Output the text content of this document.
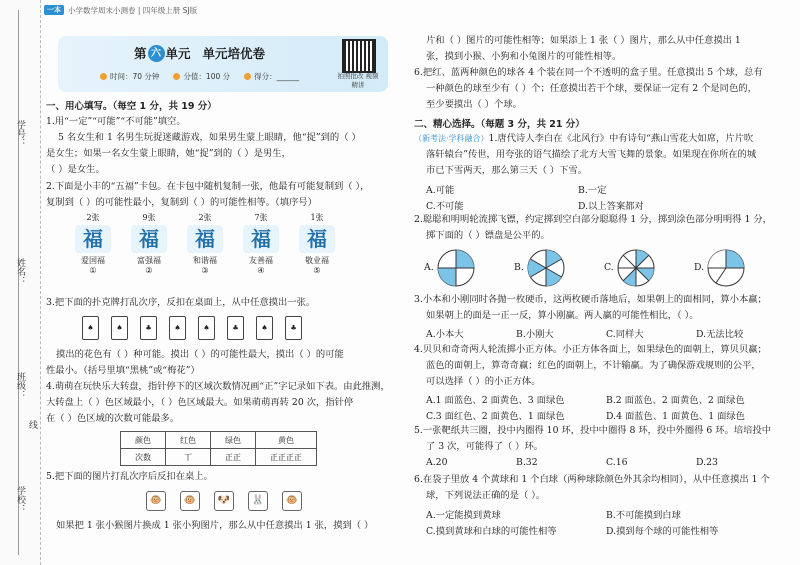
学号：
姓名：
班级：
学校：
线
一本 小学数学周末小测卷 | 四年级上册 SJ版
第 六 单元 单元培优卷
时间：70 分钟	分值：100 分	得分：______	拍照批改 视频精讲
一、用心填写。（每空 1 分，共 19 分）
1.用“一定”“可能”“不可能”填空。
5 名女生和 1 名男生玩捉迷藏游戏，如果男生蒙上眼睛，他“捉”到的（ ）
是女生；如果一名女生蒙上眼睛，她“捉”到的（ ）是男生，
（ ）是女生。
2.下面是小丰的“五福”卡包。在卡包中随机复制一张，他最有可能复制到（ ），
复制到（ ）的可能性最小，复制到（ ）的可能性相等。（填序号）
2张
福
爱国福
①
9张
福
富强福
②
2张
福
和谐福
③
7张
福
友善福
④
1张
福
敬业福
⑤
3.把下面的扑克牌打乱次序，反扣在桌面上，从中任意摸出一张。
♠	♠	♣	♠	♠	♣	♠	♣
摸出的花色有（ ）种可能。摸出（ ）的可能性最大，摸出（ ）的可能
性最小。（括号里填“黑桃”或“梅花”）
4.萌萌在玩快乐大转盘，指针停下的区域次数情况画“正”字记录如下表。由此推测，
大转盘上（ ）色区域最小，（ ）色区域最大。如果萌萌再转 20 次，指针停
在（ ）色区域的次数可能最多。
颜色	红色	绿色	黄色
次数	丅	正正	正正正正
5.把下面的图片打乱次序后反扣在桌上。
🐵	🐵	🐶	🐰	🐵
如果把 1 张小猴图片换成 1 张小狗图片，那么从中任意摸出 1 张，摸到（ ）
片和（ ）图片的可能性相等；如果添上 1 张（ ）图片，那么从中任意摸出 1
张，摸到小猴、小狗和小兔图片的可能性相等。
6.把红、蓝两种颜色的球各 4 个装在同一个不透明的盒子里。任意摸出 5 个球，总有
一种颜色的球至少有（ ）个；任意摸出若干个球，要保证一定有 2 个是同色的，
至少要摸出（ ）个球。
二、精心选择。（每题 3 分，共 21 分）
（新考法·学科融合）1.唐代诗人李白在《北风行》中有诗句“燕山雪花大如席，片片吹
落轩辕台”传世，用夸张的语气描绘了北方大雪飞舞的景象。如果现在你所在的城
市已下雪两天，那么第三天（ ）下雪。
A.可能	B.一定
C.不可能	D.以上答案都对
2.聪聪和明明轮流掷飞镖，约定掷到空白部分聪聪得 1 分，掷到涂色部分明明得 1 分，
掷下面的（ ）镖盘是公平的。
A.	B.	C.	D.
3.小本和小刚同时各抛一枚硬币，这两枚硬币落地后，如果朝上的面相同，算小本赢；
如果朝上的面是一正一反，算小刚赢。两人赢的可能性相比，（ ）。
A.小本大	B.小刚大	C.同样大	D.无法比较
4.贝贝和奇奇两人轮流掷小正方体。小正方体各面上，如果绿色的面朝上，算贝贝赢；
蓝色的面朝上，算奇奇赢；红色的面朝上，不计输赢。为了确保游戏规则的公平，
可以选择（ ）的小正方体。
A.1 面蓝色、2 面黄色、3 面绿色	B.2 面蓝色、2 面黄色、2 面绿色
C.3 面红色、2 面黄色、1 面绿色	D.4 面蓝色、1 面黄色、1 面绿色
5.一张靶纸共三圈，投中内圈得 10 环，投中中圈得 8 环，投中外圈得 6 环。培培投中
了 3 次，可能得了（ ）环。
A.20	B.32	C.16	D.23
6.在袋子里放 4 个黄球和 1 个白球（两种球除颜色外其余均相同），从中任意摸出 1 个
球，下列说法正确的是（ ）。
A.一定能摸到黄球	B.不可能摸到白球
C.摸到黄球和白球的可能性相等	D.摸到每个球的可能性相等
